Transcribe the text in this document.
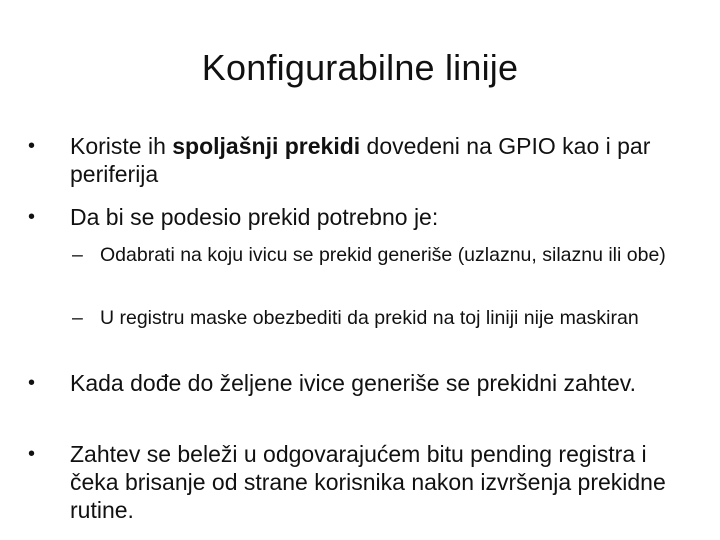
Konfigurabilne linije
• Koriste ih spoljašnji prekidi dovedeni na GPIO kao i par periferija
• Da bi se podesio prekid potrebno je:
– Odabrati na koju ivicu se prekid generiše (uzlaznu, silaznu ili obe)
– U registru maske obezbediti da prekid na toj liniji nije maskiran
• Kada dođe do željene ivice generiše se prekidni zahtev.
• Zahtev se beleži u odgovarajućem bitu pending registra i čeka brisanje od strane korisnika nakon izvršenja prekidne rutine.
